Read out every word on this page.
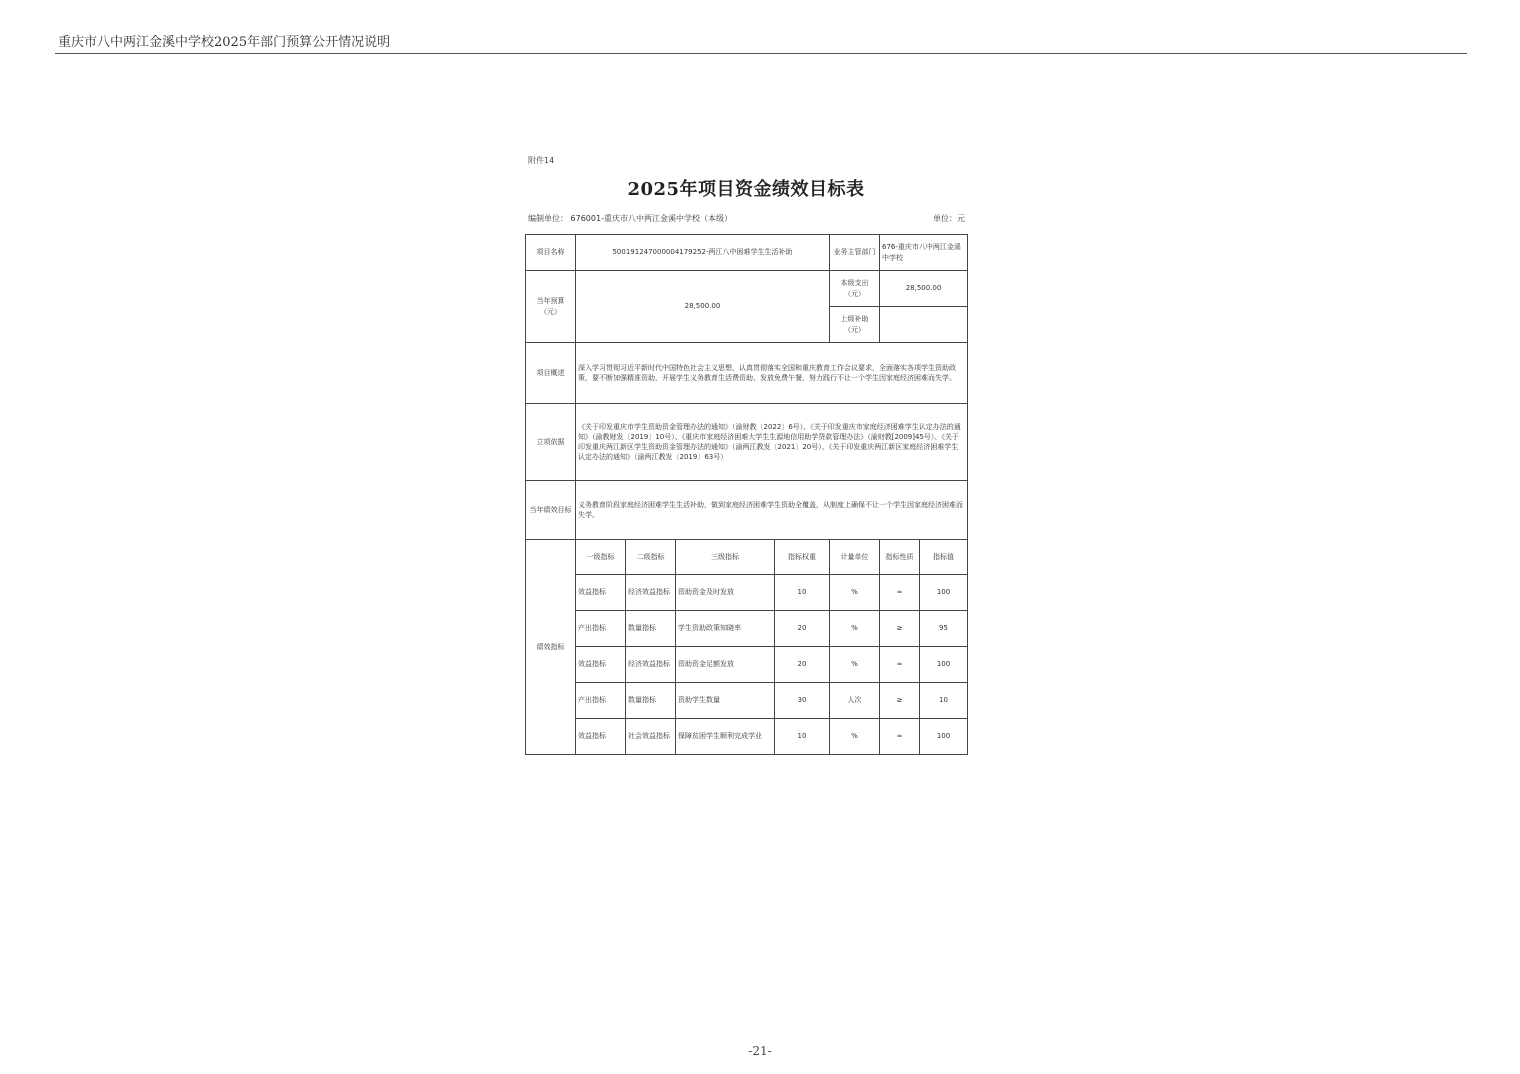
重庆市八中两江金溪中学校2025年部门预算公开情况说明
附件14
2025年项目资金绩效目标表
编制单位： 676001-重庆市八中两江金溪中学校（本级）	单位：元
项目名称	500191247000004179252-两江八中困难学生生活补助				业务主管部门	676-重庆市八中两江金溪中学校	
当年预算（元）	28,500.00				本级支出（元）	28,500.00	
					上级补助（元）		
项目概述	深入学习贯彻习近平新时代中国特色社会主义思想，认真贯彻落实全国和重庆教育工作会议要求，全面落实各项学生资助政策，要不断加强精准资助，开展学生义务教育生活费资助、发放免费午餐，努力践行不让一个学生因家庭经济困难而失学。						
立项依据	《关于印发重庆市学生资助资金管理办法的通知》（渝财教〔2022〕6号）、《关于印发重庆市家庭经济困难学生认定办法的通知》（渝教财发〔2019〕10号）、《重庆市家庭经济困难大学生生源地信用助学贷款管理办法》（渝财教[2009]45号）、《关于印发重庆两江新区学生资助资金管理办法的通知》（渝两江教发〔2021〕20号）、《关于印发重庆两江新区家庭经济困难学生认定办法的通知》（渝两江教发〔2019〕63号）						
当年绩效目标	义务教育阶段家庭经济困难学生生活补助，做到家庭经济困难学生资助全覆盖，从制度上确保不让一个学生因家庭经济困难而失学。						
绩效指标	一级指标	二级指标	三级指标	指标权重	计量单位	指标性质	指标值
	效益指标	经济效益指标	资助资金及时发放	10	%	═	100
	产出指标	数量指标	学生资助政策知晓率	20	%	≥	95
	效益指标	经济效益指标	资助资金足额发放	20	%	═	100
	产出指标	数量指标	资助学生数量	30	人次	≥	10
	效益指标	社会效益指标	保障贫困学生顺利完成学业	10	%	═	100
-21-
